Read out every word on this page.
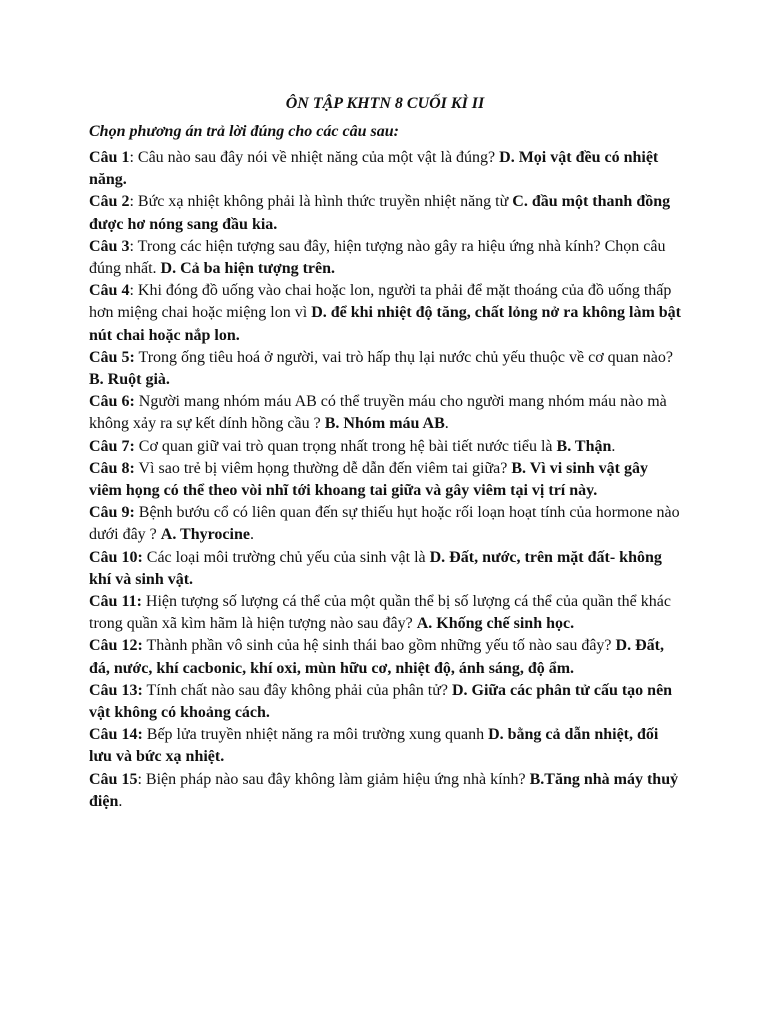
ÔN TẬP KHTN 8 CUỐI KÌ II
Chọn phương án trả lời đúng cho các câu sau:

Câu 1: Câu nào sau đây nói về nhiệt năng của một vật là đúng? D. Mọi vật đều có nhiệt năng.

Câu 2: Bức xạ nhiệt không phải là hình thức truyền nhiệt năng từ C. đầu một thanh đồng được hơ nóng sang đầu kia.

Câu 3: Trong các hiện tượng sau đây, hiện tượng nào gây ra hiệu ứng nhà kính? Chọn câu đúng nhất. D. Cả ba hiện tượng trên.

Câu 4: Khi đóng đồ uống vào chai hoặc lon, người ta phải để mặt thoáng của đồ uống thấp hơn miệng chai hoặc miệng lon vì D. để khi nhiệt độ tăng, chất lỏng nở ra không làm bật nút chai hoặc nắp lon.

Câu 5: Trong ống tiêu hoá ở người, vai trò hấp thụ lại nước chủ yếu thuộc về cơ quan nào? B. Ruột già.

Câu 6: Người mang nhóm máu AB có thể truyền máu cho người mang nhóm máu nào mà không xảy ra sự kết dính hồng cầu ? B. Nhóm máu AB.

Câu 7: Cơ quan giữ vai trò quan trọng nhất trong hệ bài tiết nước tiểu là B. Thận.

Câu 8: Vì sao trẻ bị viêm họng thường dễ dẫn đến viêm tai giữa? B. Vì vi sinh vật gây viêm họng có thể theo vòi nhĩ tới khoang tai giữa và gây viêm tại vị trí này.

Câu 9: Bệnh bướu cổ có liên quan đến sự thiếu hụt hoặc rối loạn hoạt tính của hormone nào dưới đây ? A. Thyrocine.

Câu 10: Các loại môi trường chủ yếu của sinh vật là D. Đất, nước, trên mặt đất- không khí và sinh vật.

Câu 11: Hiện tượng số lượng cá thể của một quần thể bị số lượng cá thể của quần thể khác trong quần xã kìm hãm là hiện tượng nào sau đây? A. Khống chế sinh học.

Câu 12: Thành phần vô sinh của hệ sinh thái bao gồm những yếu tố nào sau đây? D. Đất, đá, nước, khí cacbonic, khí oxi, mùn hữu cơ, nhiệt độ, ánh sáng, độ ẩm.

Câu 13: Tính chất nào sau đây không phải của phân tử? D. Giữa các phân tử cấu tạo nên vật không có khoảng cách.

Câu 14: Bếp lửa truyền nhiệt năng ra môi trường xung quanh D. bằng cả dẫn nhiệt, đối lưu và bức xạ nhiệt.

Câu 15: Biện pháp nào sau đây không làm giảm hiệu ứng nhà kính? B.Tăng nhà máy thuỷ điện.
